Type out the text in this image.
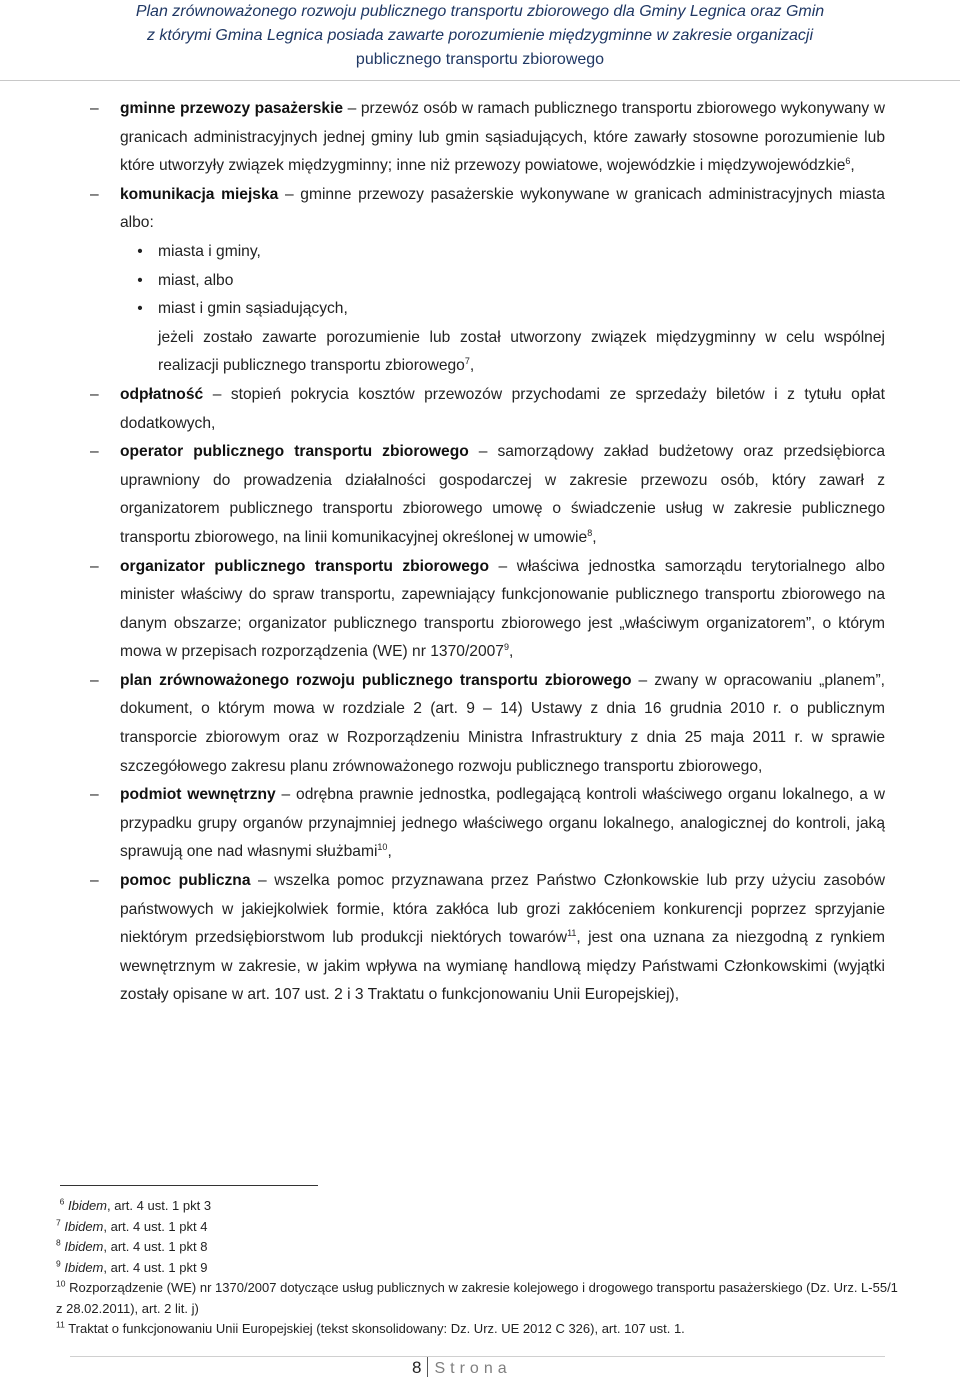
Plan zrównoważonego rozwoju publicznego transportu zbiorowego dla Gminy Legnica oraz Gmin
z którymi Gmina Legnica posiada zawarte porozumienie międzygminne w zakresie organizacji
publicznego transportu zbiorowego
–	gminne przewozy pasażerskie – przewóz osób w ramach publicznego transportu zbiorowego wykonywany w granicach administracyjnych jednej gminy lub gmin sąsiadujących, które zawarły stosowne porozumienie lub które utworzyły związek międzygminny; inne niż przewozy powiatowe, wojewódzkie i międzywojewódzkie$^6$,

–	komunikacja miejska – gminne przewozy pasażerskie wykonywane w granicach administracyjnych miasta albo:

• miasta i gminy,
• miast, albo
• miast i gmin sąsiadujących,

jeżeli zostało zawarte porozumienie lub został utworzony związek międzygminny w celu wspólnej realizacji publicznego transportu zbiorowego$^7$,

–	odpłatność – stopień pokrycia kosztów przewozów przychodami ze sprzedaży biletów i z tytułu opłat dodatkowych,

–	operator publicznego transportu zbiorowego – samorządowy zakład budżetowy oraz przedsiębiorca uprawniony do prowadzenia działalności gospodarczej w zakresie przewozu osób, który zawarł z organizatorem publicznego transportu zbiorowego umowę o świadczenie usług w zakresie publicznego transportu zbiorowego, na linii komunikacyjnej określonej w umowie$^8$,

–	organizator publicznego transportu zbiorowego – właściwa jednostka samorządu terytorialnego albo minister właściwy do spraw transportu, zapewniający funkcjonowanie publicznego transportu zbiorowego na danym obszarze; organizator publicznego transportu zbiorowego jest „właściwym organizatorem”, o którym mowa w przepisach rozporządzenia (WE) nr 1370/2007$^9$,

–	plan zrównoważonego rozwoju publicznego transportu zbiorowego – zwany w opracowaniu „planem”, dokument, o którym mowa w rozdziale 2 (art. 9 – 14) Ustawy z dnia 16 grudnia 2010 r. o publicznym transporcie zbiorowym oraz w Rozporządzeniu Ministra Infrastruktury z dnia 25 maja 2011 r. w sprawie szczegółowego zakresu planu zrównoważonego rozwoju publicznego transportu zbiorowego,

–	podmiot wewnętrzny – odrębna prawnie jednostka, podlegającą kontroli właściwego organu lokalnego, a w przypadku grupy organów przynajmniej jednego właściwego organu lokalnego, analogicznej do kontroli, jaką sprawują one nad własnymi służbami$^{10}$,

–	pomoc publiczna – wszelka pomoc przyznawana przez Państwo Członkowskie lub przy użyciu zasobów państwowych w jakiejkolwiek formie, która zakłóca lub grozi zakłóceniem konkurencji poprzez sprzyjanie niektórym przedsiębiorstwom lub produkcji niektórych towarów$^{11}$, jest ona uznana za niezgodną z rynkiem wewnętrznym w zakresie, w jakim wpływa na wymianę handlową między Państwami Członkowskimi (wyjątki zostały opisane w art. 107 ust. 2 i 3 Traktatu o funkcjonowaniu Unii Europejskiej),

$^6$ Ibidem, art. 4 ust. 1 pkt 3

$^7$ Ibidem, art. 4 ust. 1 pkt 4

$^8$ Ibidem, art. 4 ust. 1 pkt 8

$^9$ Ibidem, art. 4 ust. 1 pkt 9

$^{10}$ Rozporządzenie (WE) nr 1370/2007 dotyczące usług publicznych w zakresie kolejowego i drogowego transportu pasażerskiego (Dz. Urz. L-55/1 z 28.02.2011), art. 2 lit. j)

$^{11}$ Traktat o funkcjonowaniu Unii Europejskiej (tekst skonsolidowany: Dz. Urz. UE 2012 C 326), art. 107 ust. 1.

8 Strona
